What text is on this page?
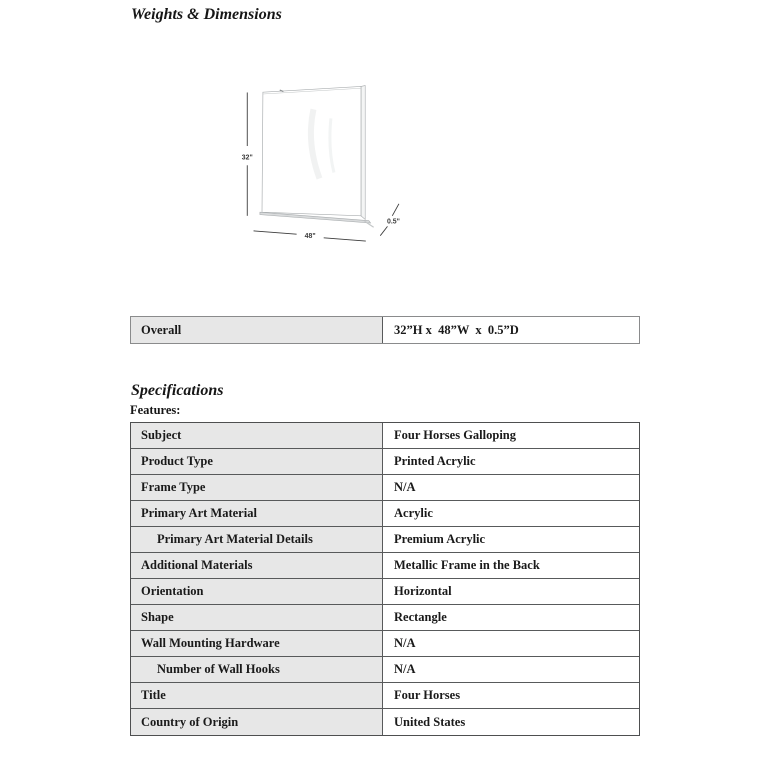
Weights & Dimensions
32"
48"
0.5"
Overall	32”H x  48”W  x  0.5”D
Specifications
Features:
Subject	Four Horses Galloping
Product Type	Printed Acrylic
Frame Type	N/A
Primary Art Material	Acrylic
Primary Art Material Details	Premium Acrylic
Additional Materials	Metallic Frame in the Back
Orientation	Horizontal
Shape	Rectangle
Wall Mounting Hardware	N/A
Number of Wall Hooks	N/A
Title	Four Horses
Country of Origin	United States
